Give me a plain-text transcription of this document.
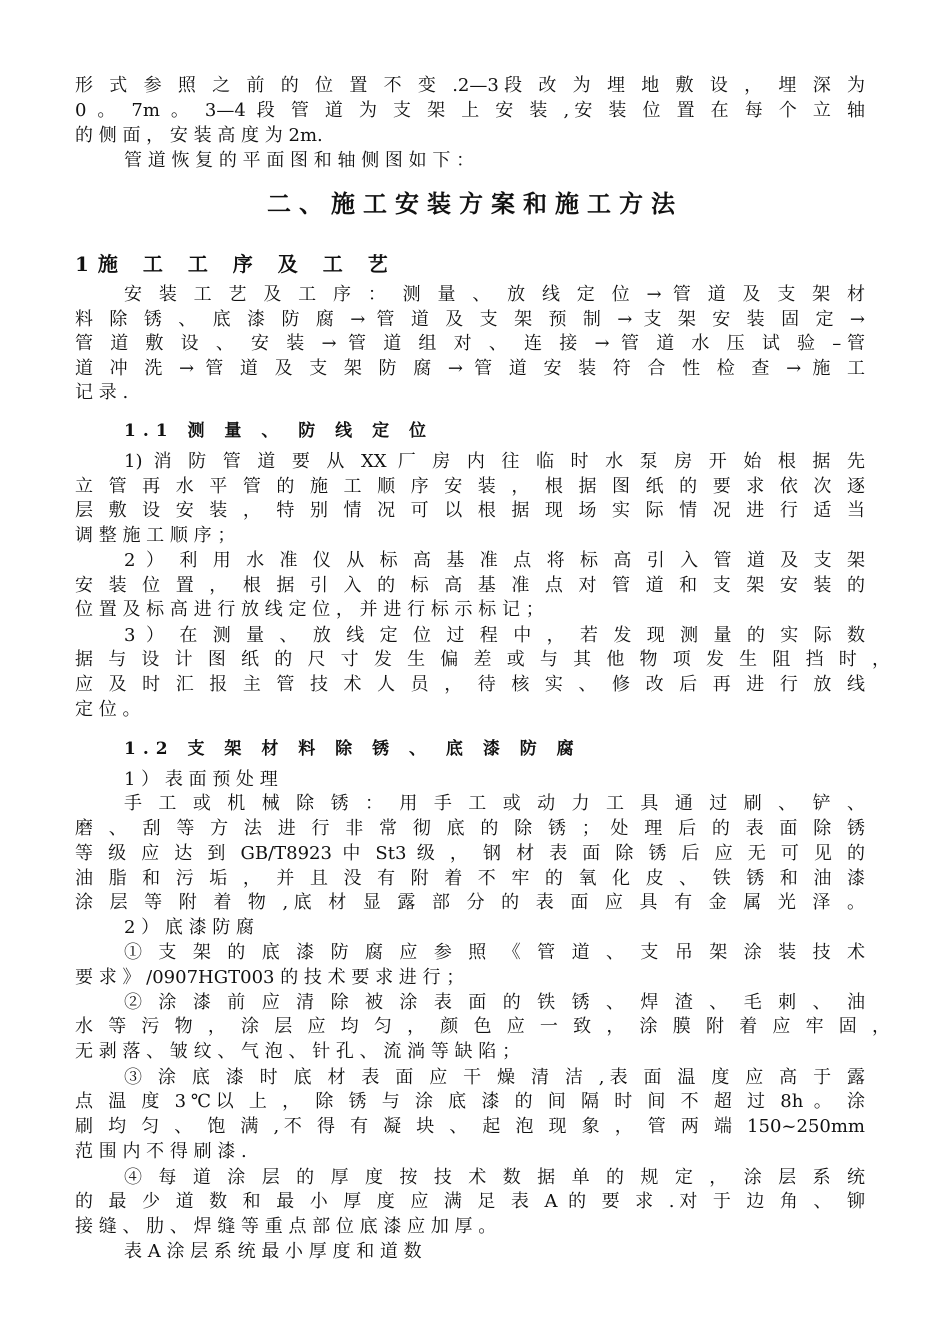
形 式 参 照 之 前 的 位 置 不 变 .2—3段 改 为 埋 地 敷 设 ， 埋 深 为
0 。 7m 。 3—4 段 管 道 为 支 架 上 安 装 ,安 装 位 置 在 每 个 立 轴
的 侧 面 ， 安 装 高 度 为 2m.
管 道 恢 复 的 平 面 图 和 轴 侧 图 如 下 ：
二、施工安装方案和施工方法
1施 工 工 序 及 工 艺
安 装 工 艺 及 工 序 ： 测 量 、 放 线 定 位 → 管 道 及 支 架 材
料 除 锈 、 底 漆 防 腐 → 管 道 及 支 架 预 制 → 支 架 安 装 固 定 →
管 道 敷 设 、 安 装 → 管 道 组 对 、 连 接 → 管 道 水 压 试 验 –管
道 冲 洗 → 管 道 及 支 架 防 腐 → 管 道 安 装 符 合 性 检 查 → 施 工
记 录 .
1.1 测 量 、 防 线 定 位
1) 消 防 管 道 要 从 XX 厂 房 内 往 临 时 水 泵 房 开 始 根 据 先
立 管 再 水 平 管 的 施 工 顺 序 安 装 ， 根 据 图 纸 的 要 求 依 次 逐
层 敷 设 安 装 ， 特 别 情 况 可 以 根 据 现 场 实 际 情 况 进 行 适 当
调 整 施 工 顺 序 ；
2 ） 利 用 水 准 仪 从 标 高 基 准 点 将 标 高 引 入 管 道 及 支 架
安 装 位 置 ， 根 据 引 入 的 标 高 基 准 点 对 管 道 和 支 架 安 装 的
位 置 及 标 高 进 行 放 线 定 位 ， 并 进 行 标 示 标 记 ；
3 ） 在 测 量 、 放 线 定 位 过 程 中 ， 若 发 现 测 量 的 实 际 数
据 与 设 计 图 纸 的 尺 寸 发 生 偏 差 或 与 其 他 物 项 发 生 阻 挡 时 ，
应 及 时 汇 报 主 管 技 术 人 员 ， 待 核 实 、 修 改 后 再 进 行 放 线
定 位 。
1.2 支 架 材 料 除 锈 、 底 漆 防 腐
1 ） 表 面 预 处 理
手 工 或 机 械 除 锈 ： 用 手 工 或 动 力 工 具 通 过 刷 、 铲 、
磨 、 刮 等 方 法 进 行 非 常 彻 底 的 除 锈 ； 处 理 后 的 表 面 除 锈
等 级 应 达 到 GB/T8923 中 St3 级 ， 钢 材 表 面 除 锈 后 应 无 可 见 的
油 脂 和 污 垢 ， 并 且 没 有 附 着 不 牢 的 氧 化 皮 、 铁 锈 和 油 漆
涂 层 等 附 着 物 ,底 材 显 露 部 分 的 表 面 应 具 有 金 属 光 泽 。
2 ） 底 漆 防 腐
① 支 架 的 底 漆 防 腐 应 参 照 《 管 道 、 支 吊 架 涂 装 技 术
要 求 》 /0907HGT003 的 技 术 要 求 进 行 ；
② 涂 漆 前 应 清 除 被 涂 表 面 的 铁 锈 、 焊 渣 、 毛 刺 、 油
水 等 污 物 ， 涂 层 应 均 匀 ， 颜 色 应 一 致 ， 涂 膜 附 着 应 牢 固 ，
无 剥 落 、 皱 纹 、 气 泡 、 针 孔 、 流 淌 等 缺 陷 ；
③ 涂 底 漆 时 底 材 表 面 应 干 燥 清 洁 ,表 面 温 度 应 高 于 露
点 温 度 3℃以 上 ， 除 锈 与 涂 底 漆 的 间 隔 时 间 不 超 过 8h 。 涂
刷 均 匀 、 饱 满 ,不 得 有 凝 块 、 起 泡 现 象 ， 管 两 端 150~250mm
范 围 内 不 得 刷 漆 .
④ 每 道 涂 层 的 厚 度 按 技 术 数 据 单 的 规 定 ， 涂 层 系 统
的 最 少 道 数 和 最 小 厚 度 应 满 足 表 A 的 要 求 .对 于 边 角 、 铆
接 缝 、 肋 、 焊 缝 等 重 点 部 位 底 漆 应 加 厚 。
表 A 涂 层 系 统 最 小 厚 度 和 道 数
